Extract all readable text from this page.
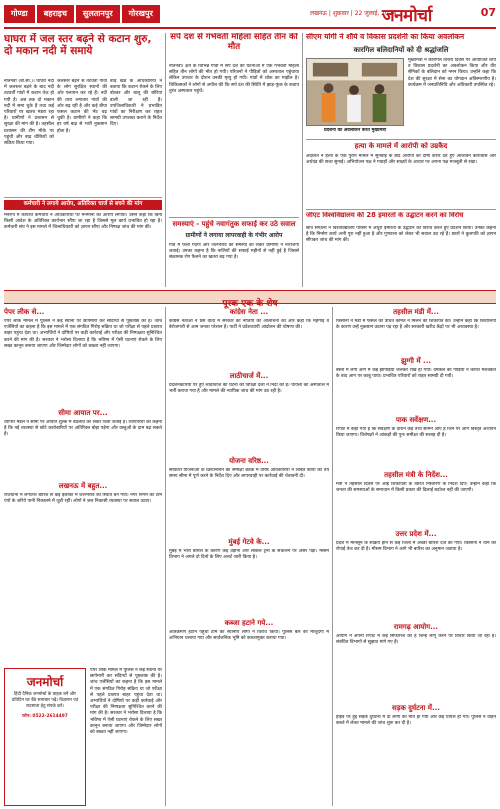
गोण्डा	बहराइच	सुलतानपुर	गोरखपुर	लखनऊ | शुक्रवार | 22 जुलाई, 2024
जनमोर्चा	07
घाघरा में जल स्तर बढ़ने से कटान शुरु, दो मकान नदी में समाये
नौतनवा (बी.सी.)। घाघरा नदी में जलस्तर बढ़ने के बाद नदी तटवर्ती गांवों में कटान तेज़ हो गयी है। अब तक दो मकान नदी में समा चुके हैं तथा कई परिवारों पर खतरा मंडरा रहा है। ग्रामीणों ने प्रशासन से सुरक्षा की मांग की है। तहसील प्रशासन की टीम मौके पर पहुंची और बाढ़ चौकियों को सक्रिय किया गया।
जलस्तर बढ़ने से तटवर्ती गांवों के लोग सुरक्षित स्थानों की ओर पलायन कर रहे हैं। नदी की धारा लगातार गांवों की ओर बढ़ रही है और कई बीघा फसल कटान की भेंट चढ़ चुकी है। ग्रामीणों ने कहा कि हर वर्ष बाढ़ से भारी नुकसान होता है।
बाढ़ खंड के अधिकारियों ने बताया कि कटान रोकने के लिए बोल्डर और बालू की बोरियां डाली जा रही हैं। उपजिलाधिकारी ने प्रभावित गांवों का निरीक्षण कर राहत सामग्री उपलब्ध कराने के निर्देश दिए।
कर्मचारी ने लगाये आरोप, अतिरिक्त चार्ज से बचने की मांग
मनरेगा में कार्यरत कर्मचारी ने अधिकारियों पर मनमानी का आरोप लगाया। उसने कहा कि बिना किसी आदेश के अतिरिक्त कार्यभार सौंपा जा रहा है जिससे मूल कार्य प्रभावित हो रहा है। कर्मचारी संघ ने इस मामले में जिलाधिकारी को ज्ञापन सौंपा और निष्पक्ष जांच की मांग की।
सर्प दंश से गर्भवती महिला सहित तीन की मौत
नौतनवा। क्षेत्र के विभिन्न गांवों में सर्प दंश की घटनाओं में एक गर्भवती महिला सहित तीन लोगों की मौत हो गयी। परिजनों ने पीड़ितों को अस्पताल पहुंचाया लेकिन उपचार के दौरान उनकी मृत्यु हो गयी। गांवों में शोक का माहौल है। चिकित्सकों ने लोगों से अपील की कि सर्प दंश की स्थिति में झाड़-फूंक के बजाय तुरंत अस्पताल पहुंचें।
समस्याएं - पहुंचे नवागंतुक सफाई कर उठे सवाल
ग्रामीणों ने लगाया लापरवाही के गंभीर आरोप
गांव में फैली गंदगी और जलभराव की समस्या को लेकर ग्रामीणों ने नाराजगी जताई। उनका कहना है कि नालियों की सफाई महीनों से नहीं हुई है जिससे संक्रामक रोग फैलने का खतरा बढ़ गया है।
सीएम योगी ने शौर्य व विकास प्रदर्शनी का किया अवलोकन
कारगिल बलिदानियों को दी श्रद्धांजलि
प्रदर्शनी का अवलोकन करते मुख्यमंत्री
मुख्यमंत्री ने कारगिल विजय दिवस पर आयोजित शौर्य व विकास प्रदर्शनी का अवलोकन किया और वीर सैनिकों के बलिदान को नमन किया। उन्होंने कहा कि देश की सुरक्षा में सेना का योगदान अविस्मरणीय है। कार्यक्रम में जनप्रतिनिधि और अधिकारी उपस्थित रहे।
हत्या के मामले में आरोपी को उम्रकैद
अदालत ने हत्या के एक पुराने मामले में सुनवाई के बाद आरोपी को दोषी करार देते हुए आजीवन कारावास और अर्थदंड की सजा सुनाई। अभियोजन पक्ष ने गवाहों और साक्ष्यों के आधार पर अपना पक्ष मजबूती से रखा।
जीएट विश्वविद्यालय की 28 इमारतों के उद्घाटन करने का विरोध
छात्र संगठनों ने विश्वविद्यालय परिसर में अधूरी इमारतों के उद्घाटन का विरोध करते हुए प्रदर्शन किया। उनका कहना है कि निर्माण कार्य अभी पूरा नहीं हुआ है और गुणवत्ता को लेकर भी सवाल उठ रहे हैं। छात्रों ने कुलपति को ज्ञापन सौंपकर जांच की मांग की।
पूरक एक के शेष
पेपर लीक से...
पेपर लीक मामले में पुलिस ने कई स्थानों पर छापेमारी कर संदिग्धों से पूछताछ की है। जांच एजेंसियों का कहना है कि इस मामले में एक संगठित गिरोह सक्रिय था जो परीक्षा से पहले प्रश्नपत्र बाहर पहुंचा देता था। अभ्यर्थियों ने दोषियों पर कड़ी कार्रवाई और परीक्षा की निष्पक्षता सुनिश्चित करने की मांग की है। सरकार ने भरोसा दिलाया है कि भविष्य में ऐसी घटनाएं रोकने के लिए सख्त कानून बनाया जाएगा और जिम्मेदार लोगों को बख्शा नहीं जाएगा।
सीमा आयात पर...
व्यापार मंडल ने सीमा पर आयात शुल्क में बदलाव को लेकर चिंता जताई है। व्यापारियों का कहना है कि नई व्यवस्था से छोटे कारोबारियों पर अतिरिक्त बोझ पड़ेगा और वस्तुओं के दाम बढ़ सकते हैं।
लखनऊ में बहुत...
राजधानी में लगातार बारिश से कई इलाकों में जलभराव की स्थिति बन गयी। नगर निगम की टीमें पंपों के जरिये पानी निकालने में जुटी रहीं। लोगों ने जल निकासी व्यवस्था पर सवाल उठाए।
जनमोर्चा
हिंदी दैनिक जनमोर्चा के ग्राहक बनें और प्रतिदिन घर बैठे समाचार पढ़ें। विज्ञापन एवं सदस्यता हेतु संपर्क करें।
फोन: 0522-2614497
पेपर लीक मामले में पुलिस ने कई स्थानों पर छापेमारी कर संदिग्धों से पूछताछ की है। जांच एजेंसियों का कहना है कि इस मामले में एक संगठित गिरोह सक्रिय था जो परीक्षा से पहले प्रश्नपत्र बाहर पहुंचा देता था। अभ्यर्थियों ने दोषियों पर कड़ी कार्रवाई और परीक्षा की निष्पक्षता सुनिश्चित करने की मांग की है। सरकार ने भरोसा दिलाया है कि भविष्य में ऐसी घटनाएं रोकने के लिए सख्त कानून बनाया जाएगा और जिम्मेदार लोगों को बख्शा नहीं जाएगा।
कांग्रेस नेता ...
कांग्रेस नेताओं ने प्रेस वार्ता में सरकार की नीतियों की आलोचना की और कहा कि महंगाई व बेरोजगारी से आम जनता परेशान है। पार्टी ने प्रदेशव्यापी आंदोलन की घोषणा की।
लाठीचार्ज में...
प्रदर्शनकारियों पर हुए लाठीचार्ज की घटना की विपक्षी दलों ने निंदा की है। घायलों को अस्पताल में भर्ती कराया गया है और मामले की न्यायिक जांच की मांग उठ रही है।
योजना वरिष्ठ...
सरकारी योजनाओं के क्रियान्वयन की समीक्षा बैठक में वरिष्ठ अधिकारियों ने लंबित कार्यों को तय समय सीमा में पूर्ण करने के निर्देश दिए और लापरवाही पर कार्रवाई की चेतावनी दी।
मुंबई गेटवे के...
मुंबई में भारी बारिश के कारण कई उड़ानों और लोकल ट्रेनों के संचालन पर असर पड़ा। मौसम विभाग ने अगले दो दिनों के लिए अलर्ट जारी किया है।
कब्जा हटाने गये...
अतिक्रमण हटाने पहुंची टीम का स्थानीय लोगों ने विरोध किया। पुलिस बल की मौजूदगी में अभियान चलाया गया और सार्वजनिक भूमि को कब्जामुक्त कराया गया।
तहसील मंडी में...
किसानों ने मंडी में फसल की उचित कीमत न मिलने की शिकायत की। उन्होंने कहा कि बिचौलियों के कारण उन्हें नुकसान उठाना पड़ रहा है और सरकारी खरीद केंद्रों पर भी अव्यवस्था है।
झुग्गी में ...
बस्ती में लगी आग में कई झोपड़ियां जलकर राख हो गयीं। दमकल की गाड़ियों ने काफी मशक्कत के बाद आग पर काबू पाया। प्रभावित परिवारों को राहत सामग्री दी गयी।
पाक सर्वेक्षण...
रिपोर्ट में कहा गया है कि सर्वेक्षण के दौरान कई तथ्य सामने आए हैं जिन पर आगे विस्तृत अध्ययन किया जाएगा। विशेषज्ञों ने आंकड़ों की पुनः समीक्षा की सलाह दी है।
तहसील मंत्री के निर्देश...
मंत्री ने तहसील दिवस पर आई शिकायतों के त्वरित निस्तारण के निर्देश दिए। उन्होंने कहा कि जनता की समस्याओं के समाधान में किसी प्रकार की ढिलाई बर्दाश्त नहीं की जाएगी।
उत्तर प्रदेश में...
प्रदेश में मानसून के सक्रिय होने से कई जिलों में अच्छी बारिश दर्ज की गयी। किसानों ने धान की रोपाई तेज कर दी है। मौसम विभाग ने आगे भी बारिश का अनुमान जताया है।
रामगढ़ आयोग...
आयोग ने अपनी रिपोर्ट में कई सिफारिशें की हैं जिन्हें लागू करने पर विचार किया जा रहा है। संबंधित विभागों से सुझाव मांगे गए हैं।
सड़क दुर्घटना में...
हाईवे पर हुई सड़क दुर्घटना में दो लोगों की मौत हो गयी और कई घायल हो गये। पुलिस ने वाहन कब्जे में लेकर मामले की जांच शुरू कर दी है।
